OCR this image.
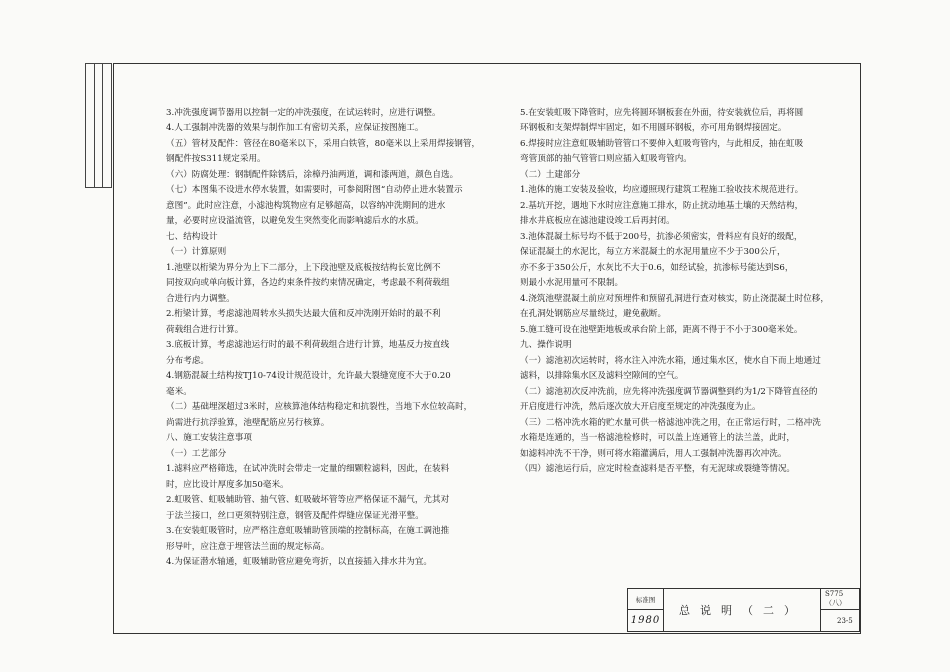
3.冲洗强度调节器用以控制一定的冲洗强度，在试运转时，应进行调整。
4.人工强制冲洗器的效果与制作加工有密切关系，应保证按图施工。
（五）管材及配件：管径在80毫米以下，采用白铁管，80毫米以上采用焊接钢管，
钢配件按S311规定采用。
（六）防腐处理：钢制配件除锈后，涂樟丹油两道，调和漆两道，颜色自选。
（七）本图集不设进水停水装置，如需要时，可参阅附图“自动停止进水装置示
意图”。此时应注意，小滤池构筑物应有足够超高，以容纳冲洗期间的进水
量，必要时应设溢流管，以避免发生突然变化而影响滤后水的水质。
七、结构设计
（一）计算原则
1.池壁以桁梁为界分为上下二部分，上下段池壁及底板按结构长宽比例不
同按双向或单向板计算，各边约束条件按约束情况确定，考虑最不利荷载组
合进行内力调整。
2.桁梁计算，考虑滤池周转水头损失达最大值和反冲洗刚开始时的最不利
荷载组合进行计算。
3.底板计算，考虑滤池运行时的最不利荷载组合进行计算，地基反力按直线
分布考虑。
4.钢筋混凝土结构按TJ10-74设计规范设计，允许最大裂缝宽度不大于0.20
毫米。
（二）基础埋深超过3米时，应核算池体结构稳定和抗裂性，当地下水位较高时，
尚需进行抗浮验算，池壁配筋应另行核算。
八、施工安装注意事项
（一）工艺部分
1.滤料应严格筛选，在试冲洗时会带走一定量的细颗粒滤料，因此，在装料
时，应比设计厚度多加50毫米。
2.虹吸管、虹吸辅助管、抽气管、虹吸破坏管等应严格保证不漏气，尤其对
于法兰接口，丝口更须特别注意，钢管及配件焊缝应保证光滑平整。
3.在安装虹吸管时，应严格注意虹吸辅助管顶端的控制标高，在施工调池推
形导叶，应注意于埋管法兰面的规定标高。
4.为保证潜水轴通，虹吸辅助管应避免弯折，以直接插入排水井为宜。
5.在安装虹吸下降管时，应先将圆环钢板套在外面，待安装就位后，再将圆
环钢板和支架焊制焊牢固定，如不用圆环钢板，亦可用角钢焊接固定。
6.焊接时应注意虹吸辅助管管口不要伸入虹吸弯管内，与此相反，抽在虹吸
弯管顶部的抽气管管口则应插入虹吸弯管内。
（二）土建部分
1.池体的施工安装及验收，均应遵照现行建筑工程施工验收技术规范进行。
2.基坑开挖，遇地下水时应注意施工排水，防止扰动地基土壤的天然结构，
排水井底板应在滤池建设竣工后再封闭。
3.池体混凝土标号均不低于200号，抗渗必须密实，骨料应有良好的级配，
保证混凝土的水泥比，每立方米混凝土的水泥用量应不少于300公斤，
亦不多于350公斤，水灰比不大于0.6，如经试验，抗渗标号能达到S6，
则最小水泥用量可不限制。
4.浇筑池壁混凝土前应对预埋件和预留孔洞进行查对核实，防止浇混凝土时位移，
在孔洞处钢筋应尽量绕过，避免截断。
5.施工缝可设在池壁距地板或承台阶上部，距离不得于不小于300毫米处。
九、操作说明
（一）滤池初次运转时，将水注入冲洗水箱，通过集水区，使水自下而上地通过
滤料，以排除集水区及滤料空隙间的空气。
（二）滤池初次反冲洗前，应先将冲洗强度调节器调整到约为1/2下降管直径的
开启度进行冲洗，然后逐次放大开启度至规定的冲洗强度为止。
（三）二格冲洗水箱的贮水量可供一格滤池冲洗之用，在正常运行时，二格冲洗
水箱是连通的，当一格滤池检修时，可以盖上连通管上的法兰盖，此时，
如滤料冲洗不干净，则可将水箱灌满后，用人工强制冲洗器再次冲洗。
（四）滤池运行后，应定时检查滤料是否平整，有无泥球或裂缝等情况。
标准图
1980
总说明（二）
S775（八）
23-5
